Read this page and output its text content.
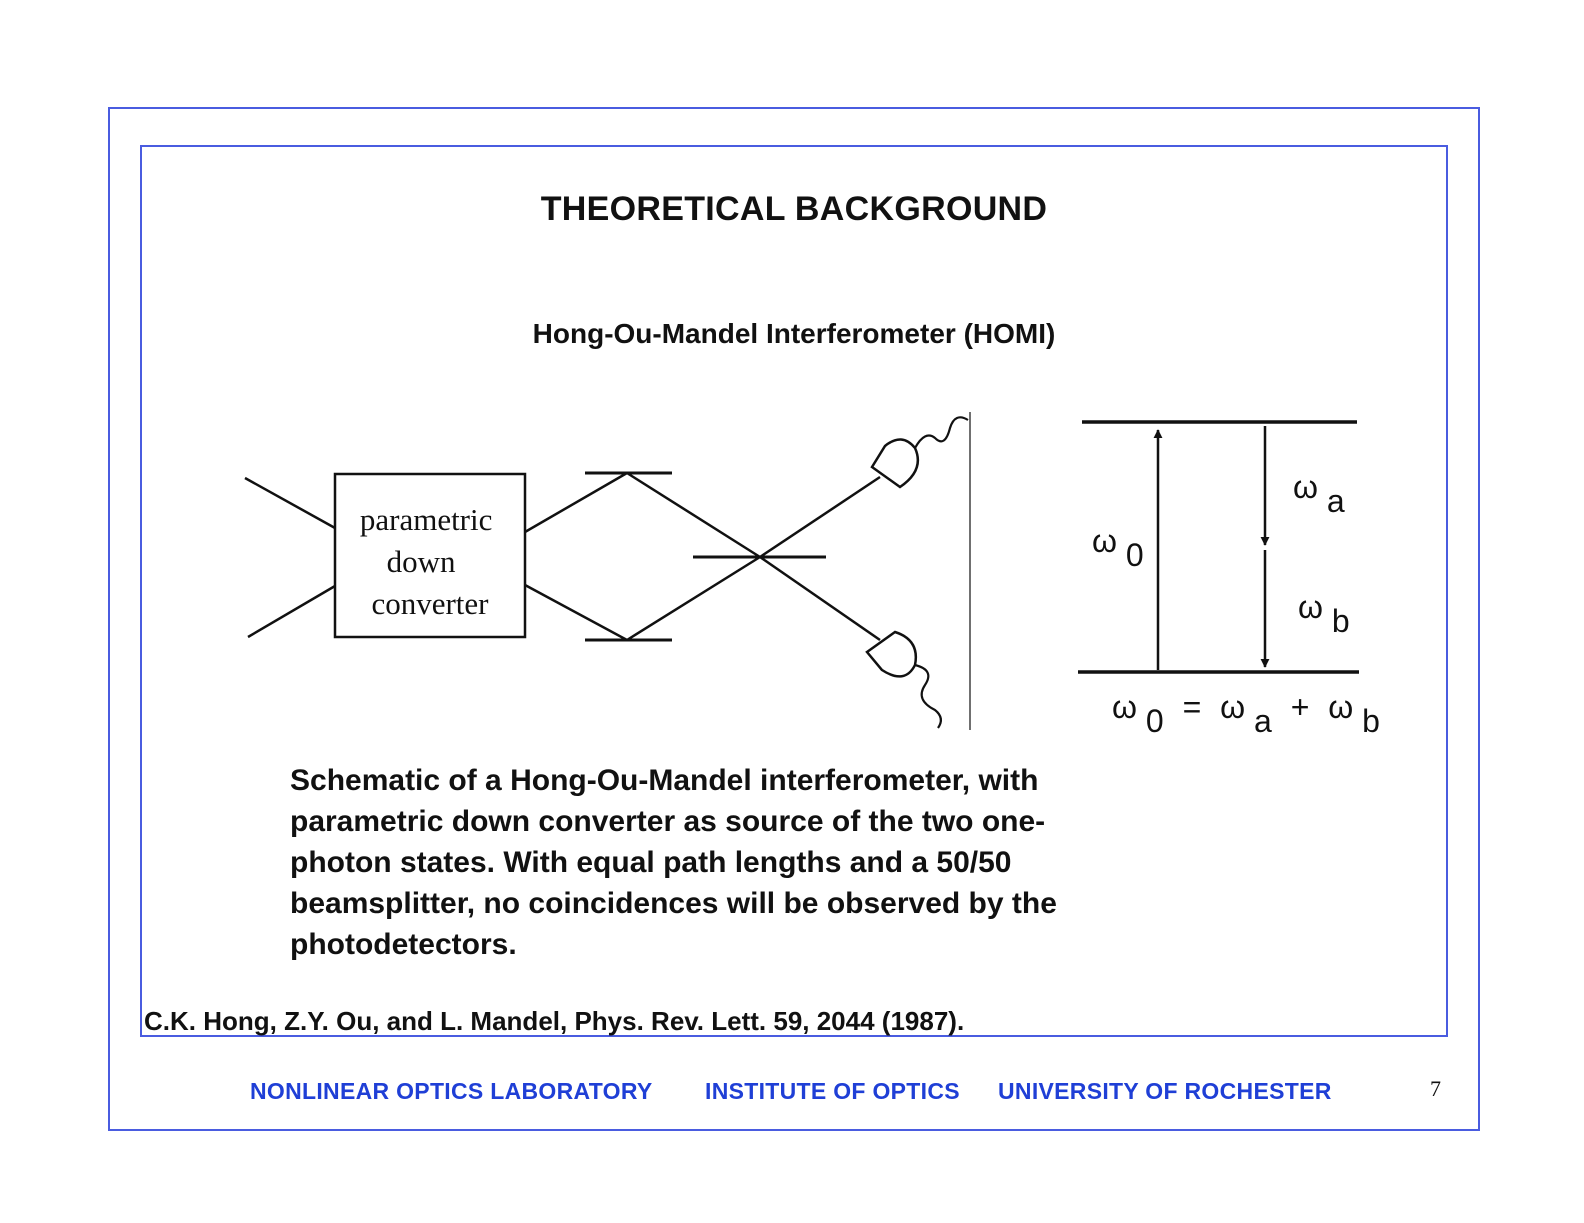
THEORETICAL BACKGROUND
Hong-Ou-Mandel Interferometer (HOMI)
parametric down converter
ω a
ω 0
ω b
ω 0 = ω a + ω b
Schematic of a Hong-Ou-Mandel interferometer, with
parametric down converter as source of the two one-
photon states. With equal path lengths and a 50/50
beamsplitter, no coincidences will be observed by the
photodetectors.
C.K. Hong, Z.Y. Ou, and L. Mandel, Phys. Rev. Lett. 59, 2044 (1987).
NONLINEAR OPTICS LABORATORY INSTITUTE OF OPTICS UNIVERSITY OF ROCHESTER	7
